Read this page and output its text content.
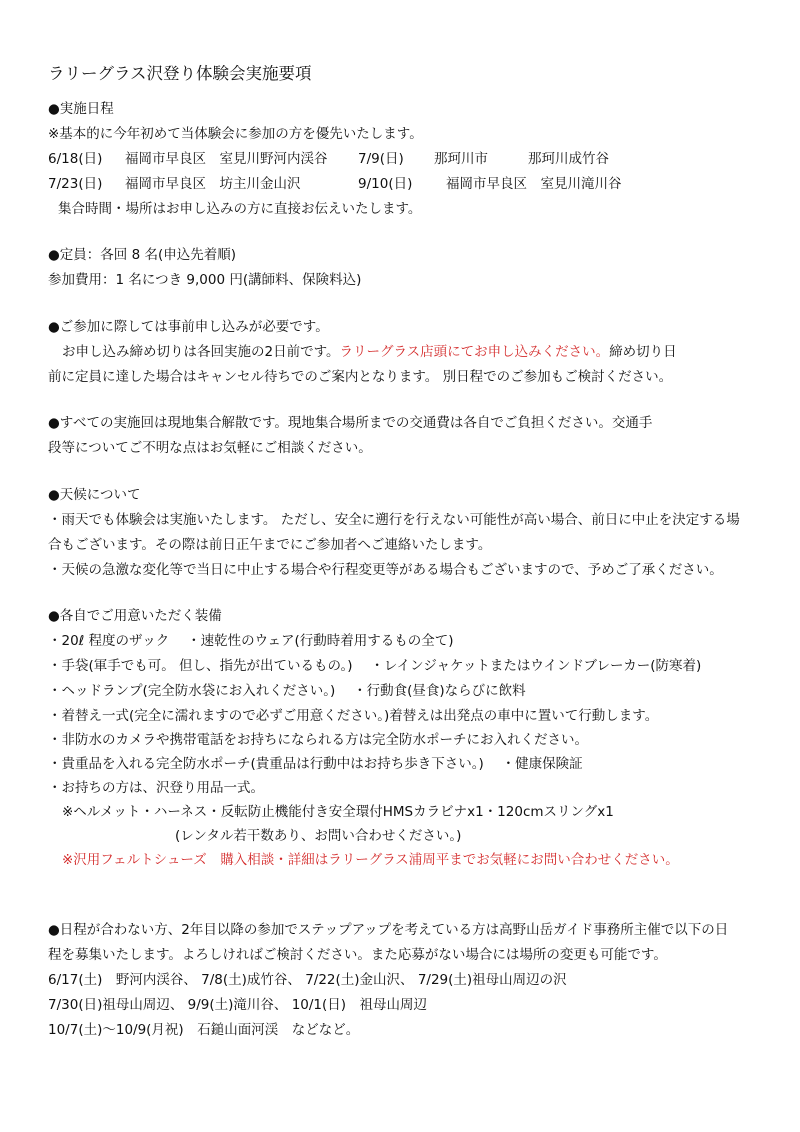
ラリーグラス沢登り体験会実施要項
●実施日程
※基本的に今年初めて当体験会に参加の方を優先いたします。
6/18(日) 福岡市早良区　室見川野河内渓谷 7/9(日) 那珂川市	那珂川成竹谷
7/23(日) 福岡市早良区　坊主川金山沢	9/10(日) 福岡市早良区　室見川滝川谷
集合時間・場所はお申し込みの方に直接お伝えいたします。
●定員：各回 8 名(申込先着順)
参加費用：1 名につき 9,000 円(講師料、保険料込)
●ご参加に際しては事前申し込みが必要です。
お申し込み締め切りは各回実施の2日前です。ラリーグラス店頭にてお申し込みください。締め切り日
前に定員に達した場合はキャンセル待ちでのご案内となります。 別日程でのご参加もご検討ください。
●すべての実施回は現地集合解散です。現地集合場所までの交通費は各自でご負担ください。交通手
段等についてご不明な点はお気軽にご相談ください。
●天候について
・雨天でも体験会は実施いたします。 ただし、安全に遡行を行えない可能性が高い場合、前日に中止を決定する場
合もございます。その際は前日正午までにご参加者へご連絡いたします。
・天候の急激な変化等で当日に中止する場合や行程変更等がある場合もございますので、予めご了承ください。
●各自でご用意いただく装備
・20ℓ 程度のザック　 ・速乾性のウェア(行動時着用するもの全て)
・手袋(軍手でも可。 但し、指先が出ているもの。)　 ・レインジャケットまたはウインドブレーカー(防寒着)
・ヘッドランプ(完全防水袋にお入れください。)　 ・行動食(昼食)ならびに飲料
・着替え一式(完全に濡れますので必ずご用意ください。)着替えは出発点の車中に置いて行動します。
・非防水のカメラや携帯電話をお持ちになられる方は完全防水ポーチにお入れください。
・貴重品を入れる完全防水ポーチ(貴重品は行動中はお持ち歩き下さい。)　 ・健康保険証
・お持ちの方は、沢登り用品一式。
※ヘルメット・ハーネス・反転防止機能付き安全環付HMSカラビナx1・120cmスリングx1
(レンタル若干数あり、お問い合わせください。)
※沢用フェルトシューズ　購入相談・詳細はラリーグラス浦周平までお気軽にお問い合わせください。
●日程が合わない方、2年目以降の参加でステップアップを考えている方は高野山岳ガイド事務所主催で以下の日
程を募集いたします。よろしければご検討ください。また応募がない場合には場所の変更も可能です。
6/17(土)　野河内渓谷、 7/8(土)成竹谷、 7/22(土)金山沢、 7/29(土)祖母山周辺の沢
7/30(日)祖母山周辺、 9/9(土)滝川谷、 10/1(日)　祖母山周辺
10/7(土)～10/9(月祝)　石鎚山面河渓　などなど。
